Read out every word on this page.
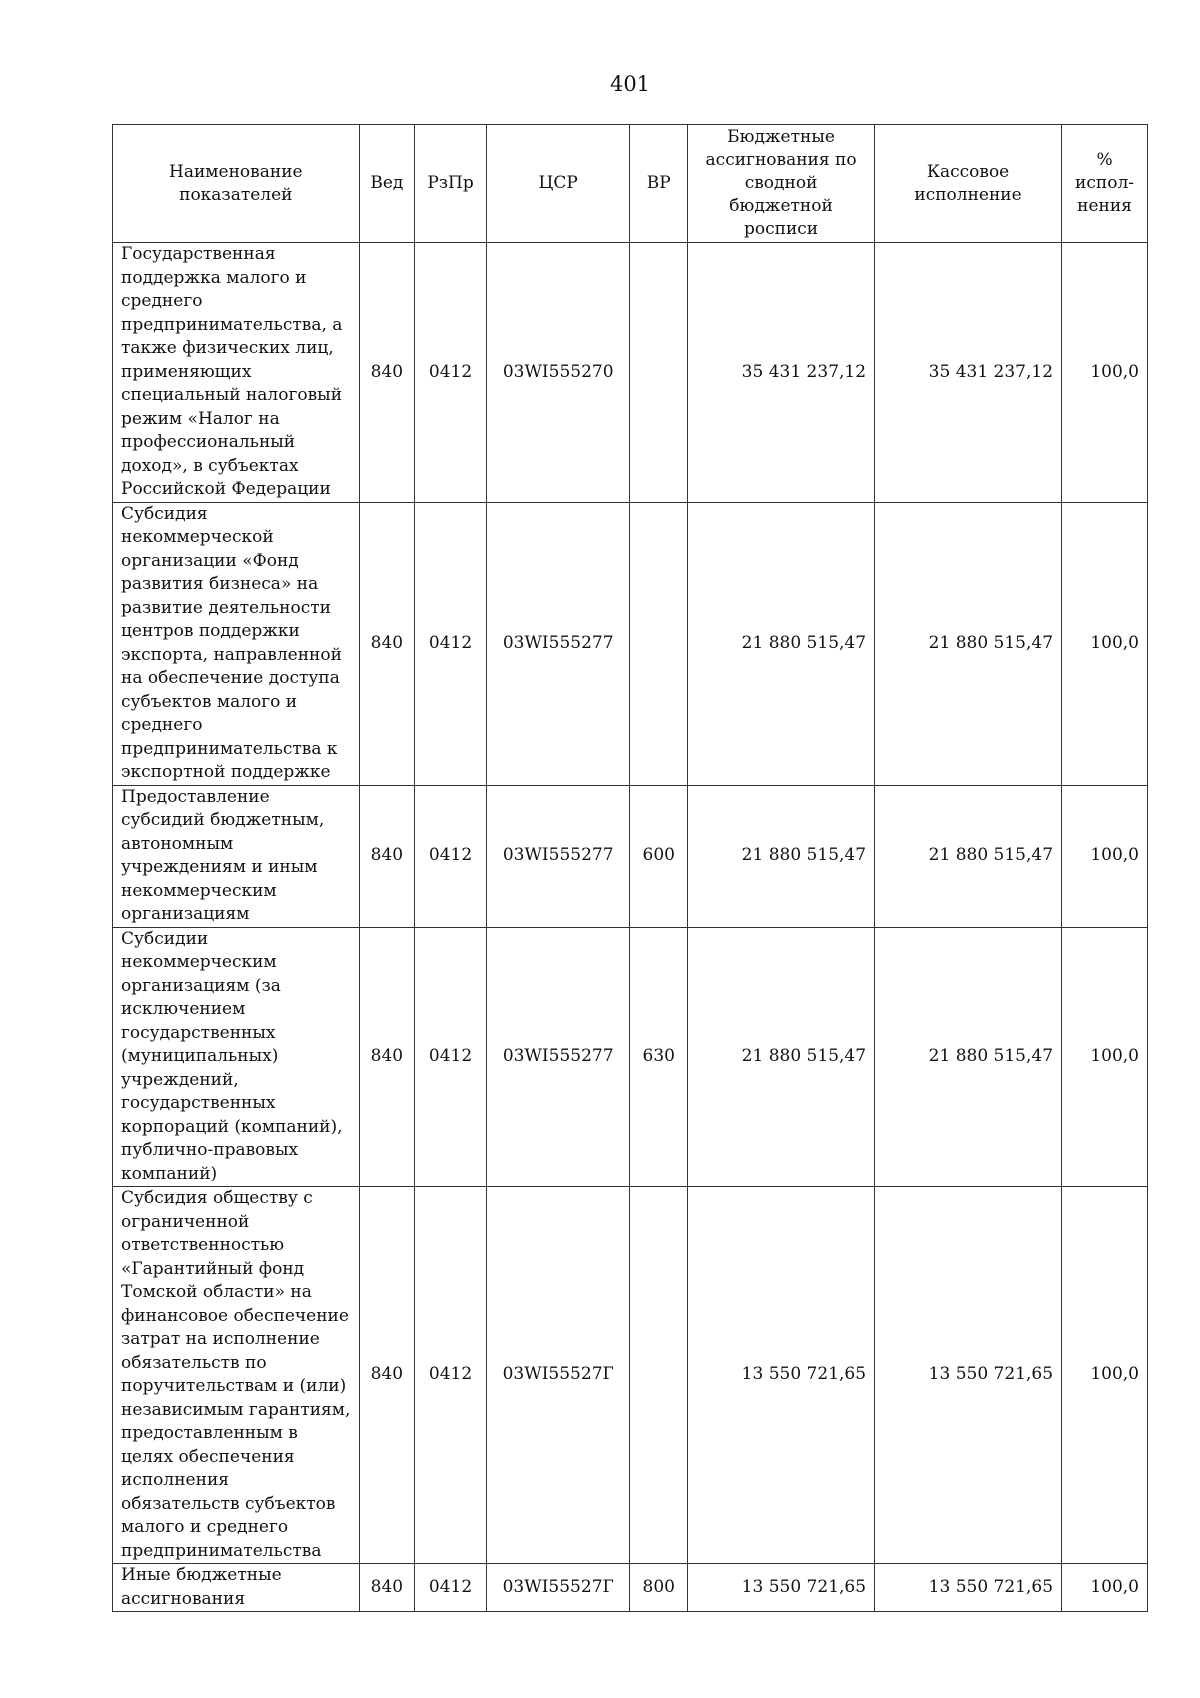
401
Наименование показателей	Вед	РзПр	ЦСР	ВР	Бюджетные ассигнования по сводной бюджетной росписи	Кассовое исполнение	% испол-нения
Государственная поддержка малого и среднего предпринимательства, а также физических лиц, применяющих специальный налоговый режим «Налог на профессиональный доход», в субъектах Российской Федерации	840	0412	03WI555270		35 431 237,12	35 431 237,12	100,0
Субсидия некоммерческой организации «Фонд развития бизнеса» на развитие деятельности центров поддержки экспорта, направленной на обеспечение доступа субъектов малого и среднего предпринимательства к экспортной поддержке	840	0412	03WI555277		21 880 515,47	21 880 515,47	100,0
Предоставление субсидий бюджетным, автономным учреждениям и иным некоммерческим организациям	840	0412	03WI555277	600	21 880 515,47	21 880 515,47	100,0
Субсидии некоммерческим организациям (за исключением государственных (муниципальных) учреждений, государственных корпораций (компаний), публично-правовых компаний)	840	0412	03WI555277	630	21 880 515,47	21 880 515,47	100,0
Субсидия обществу с ограниченной ответственностью «Гарантийный фонд Томской области» на финансовое обеспечение затрат на исполнение обязательств по поручительствам и (или) независимым гарантиям, предоставленным в целях обеспечения исполнения обязательств субъектов малого и среднего предпринимательства	840	0412	03WI55527Г		13 550 721,65	13 550 721,65	100,0
Иные бюджетные ассигнования	840	0412	03WI55527Г	800	13 550 721,65	13 550 721,65	100,0
